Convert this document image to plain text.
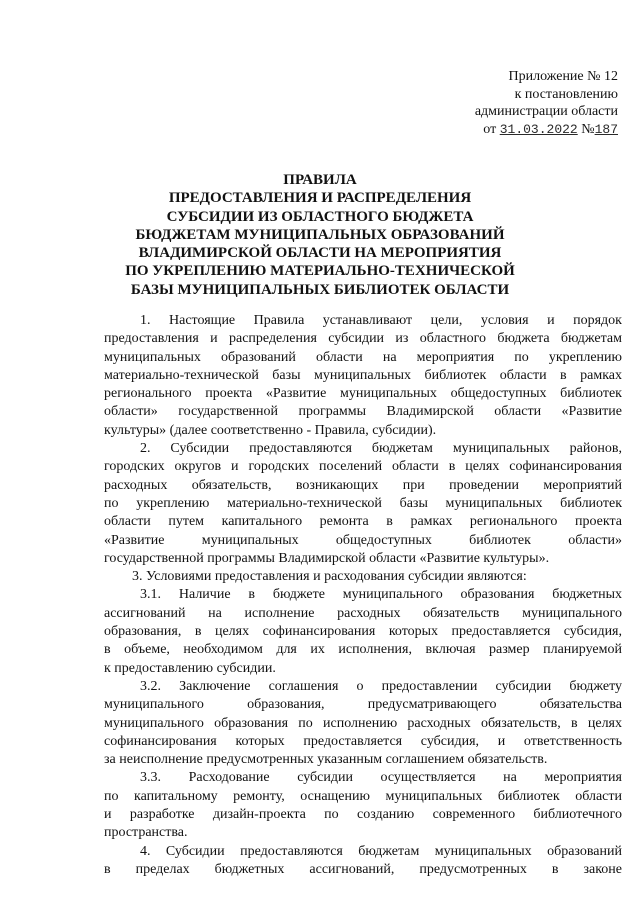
Приложение № 12
к постановлению
администрации области
от 31.03.2022 №187
ПРАВИЛА
ПРЕДОСТАВЛЕНИЯ И РАСПРЕДЕЛЕНИЯ
СУБСИДИИ ИЗ ОБЛАСТНОГО БЮДЖЕТА
БЮДЖЕТАМ МУНИЦИПАЛЬНЫХ ОБРАЗОВАНИЙ
ВЛАДИМИРСКОЙ ОБЛАСТИ НА МЕРОПРИЯТИЯ
ПО УКРЕПЛЕНИЮ МАТЕРИАЛЬНО-ТЕХНИЧЕСКОЙ
БАЗЫ МУНИЦИПАЛЬНЫХ БИБЛИОТЕК ОБЛАСТИ
1. Настоящие Правила устанавливают цели, условия и порядок
предоставления и распределения субсидии из областного бюджета бюджетам
муниципальных образований области на мероприятия по укреплению
материально-технической базы муниципальных библиотек области в рамках
регионального проекта «Развитие муниципальных общедоступных библиотек
области» государственной программы Владимирской области «Развитие
культуры» (далее соответственно - Правила, субсидии).
2. Субсидии предоставляются бюджетам муниципальных районов,
городских округов и городских поселений области в целях софинансирования
расходных обязательств, возникающих при проведении мероприятий
по укреплению материально-технической базы муниципальных библиотек
области путем капитального ремонта в рамках регионального проекта
«Развитие муниципальных общедоступных библиотек области»
государственной программы Владимирской области «Развитие культуры».
3. Условиями предоставления и расходования субсидии являются:
3.1. Наличие в бюджете муниципального образования бюджетных
ассигнований на исполнение расходных обязательств муниципального
образования, в целях софинансирования которых предоставляется субсидия,
в объеме, необходимом для их исполнения, включая размер планируемой
к предоставлению субсидии.
3.2. Заключение соглашения о предоставлении субсидии бюджету
муниципального образования, предусматривающего обязательства
муниципального образования по исполнению расходных обязательств, в целях
софинансирования которых предоставляется субсидия, и ответственность
за неисполнение предусмотренных указанным соглашением обязательств.
3.3. Расходование субсидии осуществляется на мероприятия
по капитальному ремонту, оснащению муниципальных библиотек области
и разработке дизайн-проекта по созданию современного библиотечного
пространства.
4. Субсидии предоставляются бюджетам муниципальных образований
в пределах бюджетных ассигнований, предусмотренных в законе
